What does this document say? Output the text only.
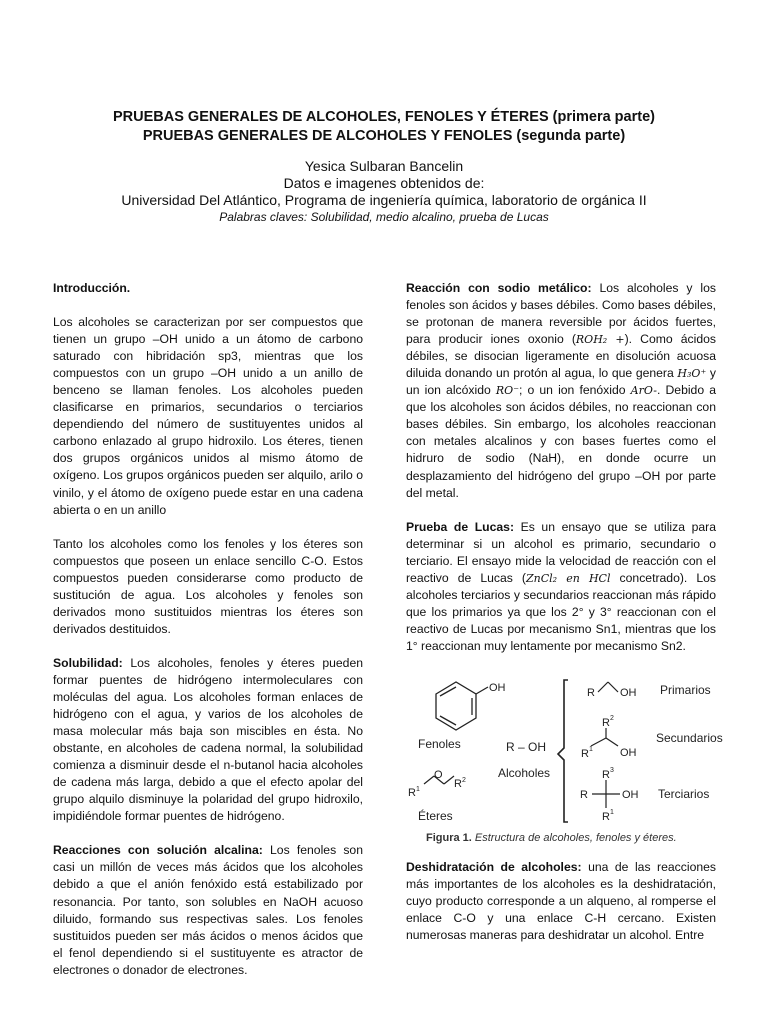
PRUEBAS GENERALES DE ALCOHOLES, FENOLES Y ÉTERES (primera parte)
PRUEBAS GENERALES DE ALCOHOLES Y FENOLES (segunda parte)
Yesica Sulbaran Bancelin
Datos e imagenes obtenidos de:
Universidad Del Atlántico, Programa de ingeniería química, laboratorio de orgánica II
Palabras claves: Solubilidad, medio alcalino, prueba de Lucas

Introducción.

Los alcoholes se caracterizan por ser compuestos que tienen un grupo –OH unido a un átomo de carbono saturado con hibridación sp3, mientras que los compuestos con un grupo –OH unido a un anillo de benceno se llaman fenoles. Los alcoholes pueden clasificarse en primarios, secundarios o terciarios dependiendo del número de sustituyentes unidos al carbono enlazado al grupo hidroxilo. Los éteres, tienen dos grupos orgánicos unidos al mismo átomo de oxígeno. Los grupos orgánicos pueden ser alquilo, arilo o vinilo, y el átomo de oxígeno puede estar en una cadena abierta o en un anillo

Tanto los alcoholes como los fenoles y los éteres son compuestos que poseen un enlace sencillo C-O. Estos compuestos pueden considerarse como producto de sustitución de agua. Los alcoholes y fenoles son derivados mono sustituidos mientras los éteres son derivados destituidos.

Solubilidad: Los alcoholes, fenoles y éteres pueden formar puentes de hidrógeno intermoleculares con moléculas del agua. Los alcoholes forman enlaces de hidrógeno con el agua, y varios de los alcoholes de masa molecular más baja son miscibles en ésta. No obstante, en alcoholes de cadena normal, la solubilidad comienza a disminuir desde el n-butanol hacia alcoholes de cadena más larga, debido a que el efecto apolar del grupo alquilo disminuye la polaridad del grupo hidroxilo, impidiéndole formar puentes de hidrógeno.

Reacciones con solución alcalina: Los fenoles son casi un millón de veces más ácidos que los alcoholes debido a que el anión fenóxido está estabilizado por resonancia. Por tanto, son solubles en NaOH acuoso diluido, formando sus respectivas sales. Los fenoles sustituidos pueden ser más ácidos o menos ácidos que el fenol dependiendo si el sustituyente es atractor de electrones o donador de electrones.

Reacción con sodio metálico: Los alcoholes y los fenoles son ácidos y bases débiles. Como bases débiles, se protonan de manera reversible por ácidos fuertes, para producir iones oxonio (ROH₂ +). Como ácidos débiles, se disocian ligeramente en disolución acuosa diluida donando un protón al agua, lo que genera H₃O⁺ y un ion alcóxido RO⁻; o un ion fenóxido ArO-. Debido a que los alcoholes son ácidos débiles, no reaccionan con bases débiles. Sin embargo, los alcoholes reaccionan con metales alcalinos y con bases fuertes como el hidruro de sodio (NaH), en donde ocurre un desplazamiento del hidrógeno del grupo –OH por parte del metal.

Prueba de Lucas: Es un ensayo que se utiliza para determinar si un alcohol es primario, secundario o terciario. El ensayo mide la velocidad de reacción con el reactivo de Lucas (ZnCl₂ en HCl concetrado). Los alcoholes terciarios y secundarios reaccionan más rápido que los primarios ya que los 2° y 3° reaccionan con el reactivo de Lucas por mecanismo Sn1, mientras que los 1° reaccionan muy lentamente por mecanismo Sn2.

OH
Fenoles	R – OH
Alcoholes
R 1
O
R 2
Éteres
R OH Primarios
R 2
R 1 OH
Secundarios
R 3
R	OH
R 1
Terciarios
Figura 1. Estructura de alcoholes, fenoles y éteres.

Deshidratación de alcoholes: una de las reacciones más importantes de los alcoholes es la deshidratación, cuyo producto corresponde a un alqueno, al romperse el enlace C-O y una enlace C-H cercano. Existen numerosas maneras para deshidratar un alcohol. Entre
